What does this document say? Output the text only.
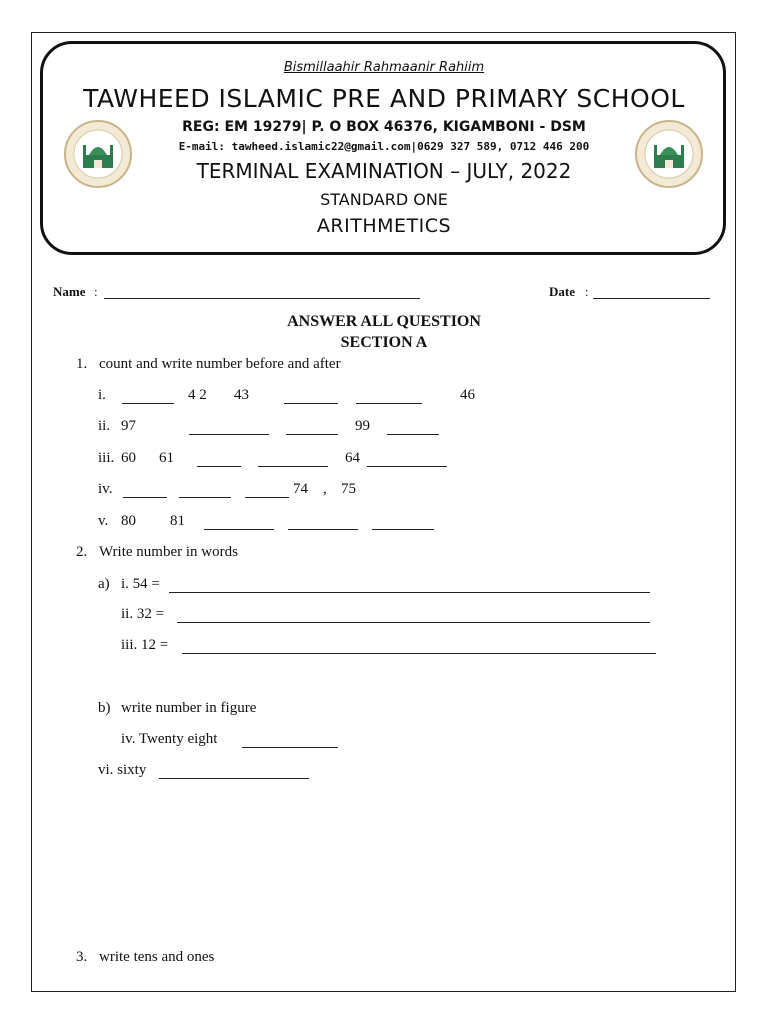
Bismillaahir Rahmaanir Rahiim
TAWHEED ISLAMIC PRE AND PRIMARY SCHOOL
REG: EM 19279| P. O BOX 46376, KIGAMBONI - DSM
E-mail: tawheed.islamic22@gmail.com|0629 327 589, 0712 446 200
TERMINAL EXAMINATION – JULY, 2022
STANDARD ONE
ARITHMETICS
Name :	Date :
ANSWER ALL QUESTION
SECTION A
1. count and write number before and after
i.	4 2 43	46
ii. 97	99
iii. 60 61	64
iv.	74 , 75
v. 80 81
2. Write number in words
a) i. 54 =
ii. 32 =
iii. 12 =
b) write number in figure
iv. Twenty eight
vi. sixty
3. write tens and ones
